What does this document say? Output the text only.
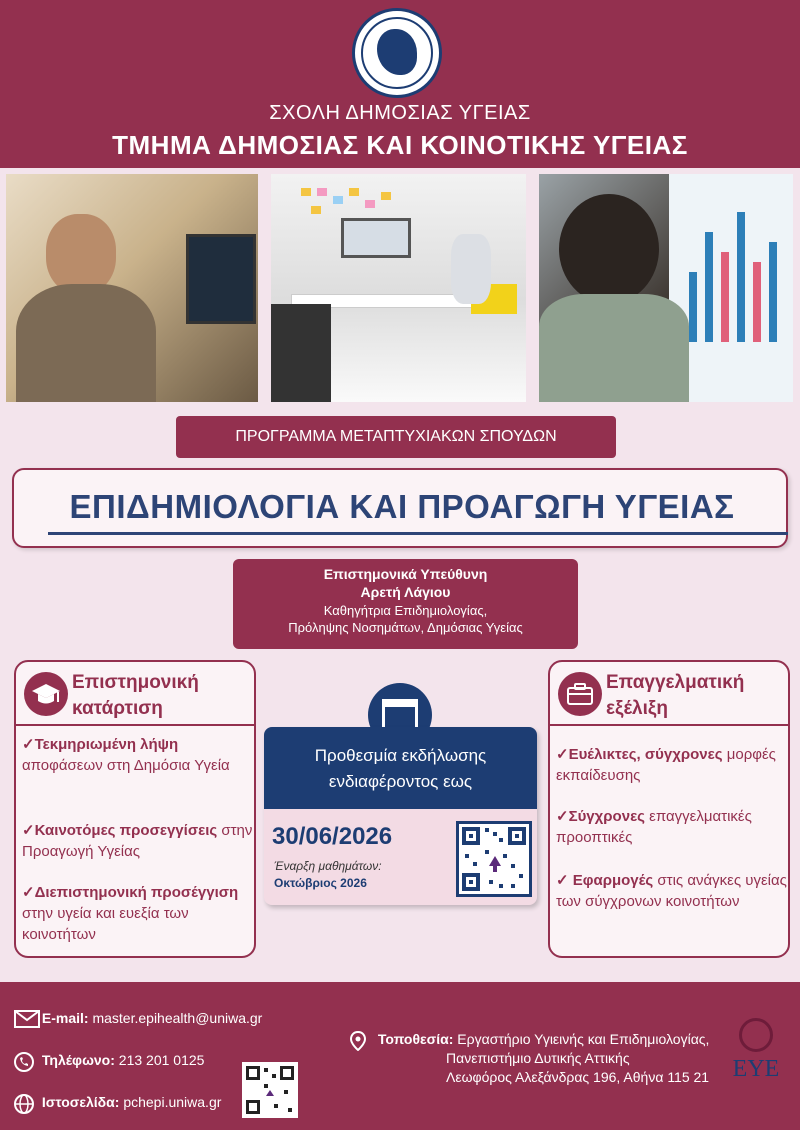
ΣΧΟΛΗ ΔΗΜΟΣΙΑΣ ΥΓΕΙΑΣ
ΤΜΗΜΑ ΔΗΜΟΣΙΑΣ ΚΑΙ ΚΟΙΝΟΤΙΚΗΣ ΥΓΕΙΑΣ
ΠΡΟΓΡΑΜΜΑ ΜΕΤΑΠΤΥΧΙΑΚΩΝ ΣΠΟΥΔΩΝ
ΕΠΙΔΗΜΙΟΛΟΓΙΑ ΚΑΙ ΠΡΟΑΓΩΓΗ ΥΓΕΙΑΣ
Επιστημονικά Υπεύθυνη
Αρετή Λάγιου
Καθηγήτρια Επιδημιολογίας,
Πρόληψης Νοσημάτων, Δημόσιας Υγείας
Επιστημονική
κατάρτιση
✓Τεκμηριωμένη λήψη αποφάσεων στη Δημόσια Υγεία
✓Καινοτόμες προσεγγίσεις στην Προαγωγή Υγείας
✓Διεπιστημονική προσέγγιση στην υγεία και ευεξία των κοινοτήτων
Προθεσμία εκδήλωσης
ενδιαφέροντος εως
30/06/2026
Έναρξη μαθημάτων:
Οκτώβριος 2026
Επαγγελματική
εξέλιξη
✓Ευέλικτες, σύγχρονες μορφές εκπαίδευσης
✓Σύγχρονες επαγγελματικές προοπτικές
✓ Εφαρμογές στις ανάγκες υγείας των σύγχρονων κοινοτήτων
E-mail: master.epihealth@uniwa.gr
Τηλέφωνο: 213 201 0125
Ιστοσελίδα: pchepi.uniwa.gr
Τοποθεσία: Εργαστήριο Υγιεινής και Επιδημιολογίας,
Πανεπιστήμιο Δυτικής Αττικής
Λεωφόρος Αλεξάνδρας 196, Αθήνα 115 21 ΕΥΕ
